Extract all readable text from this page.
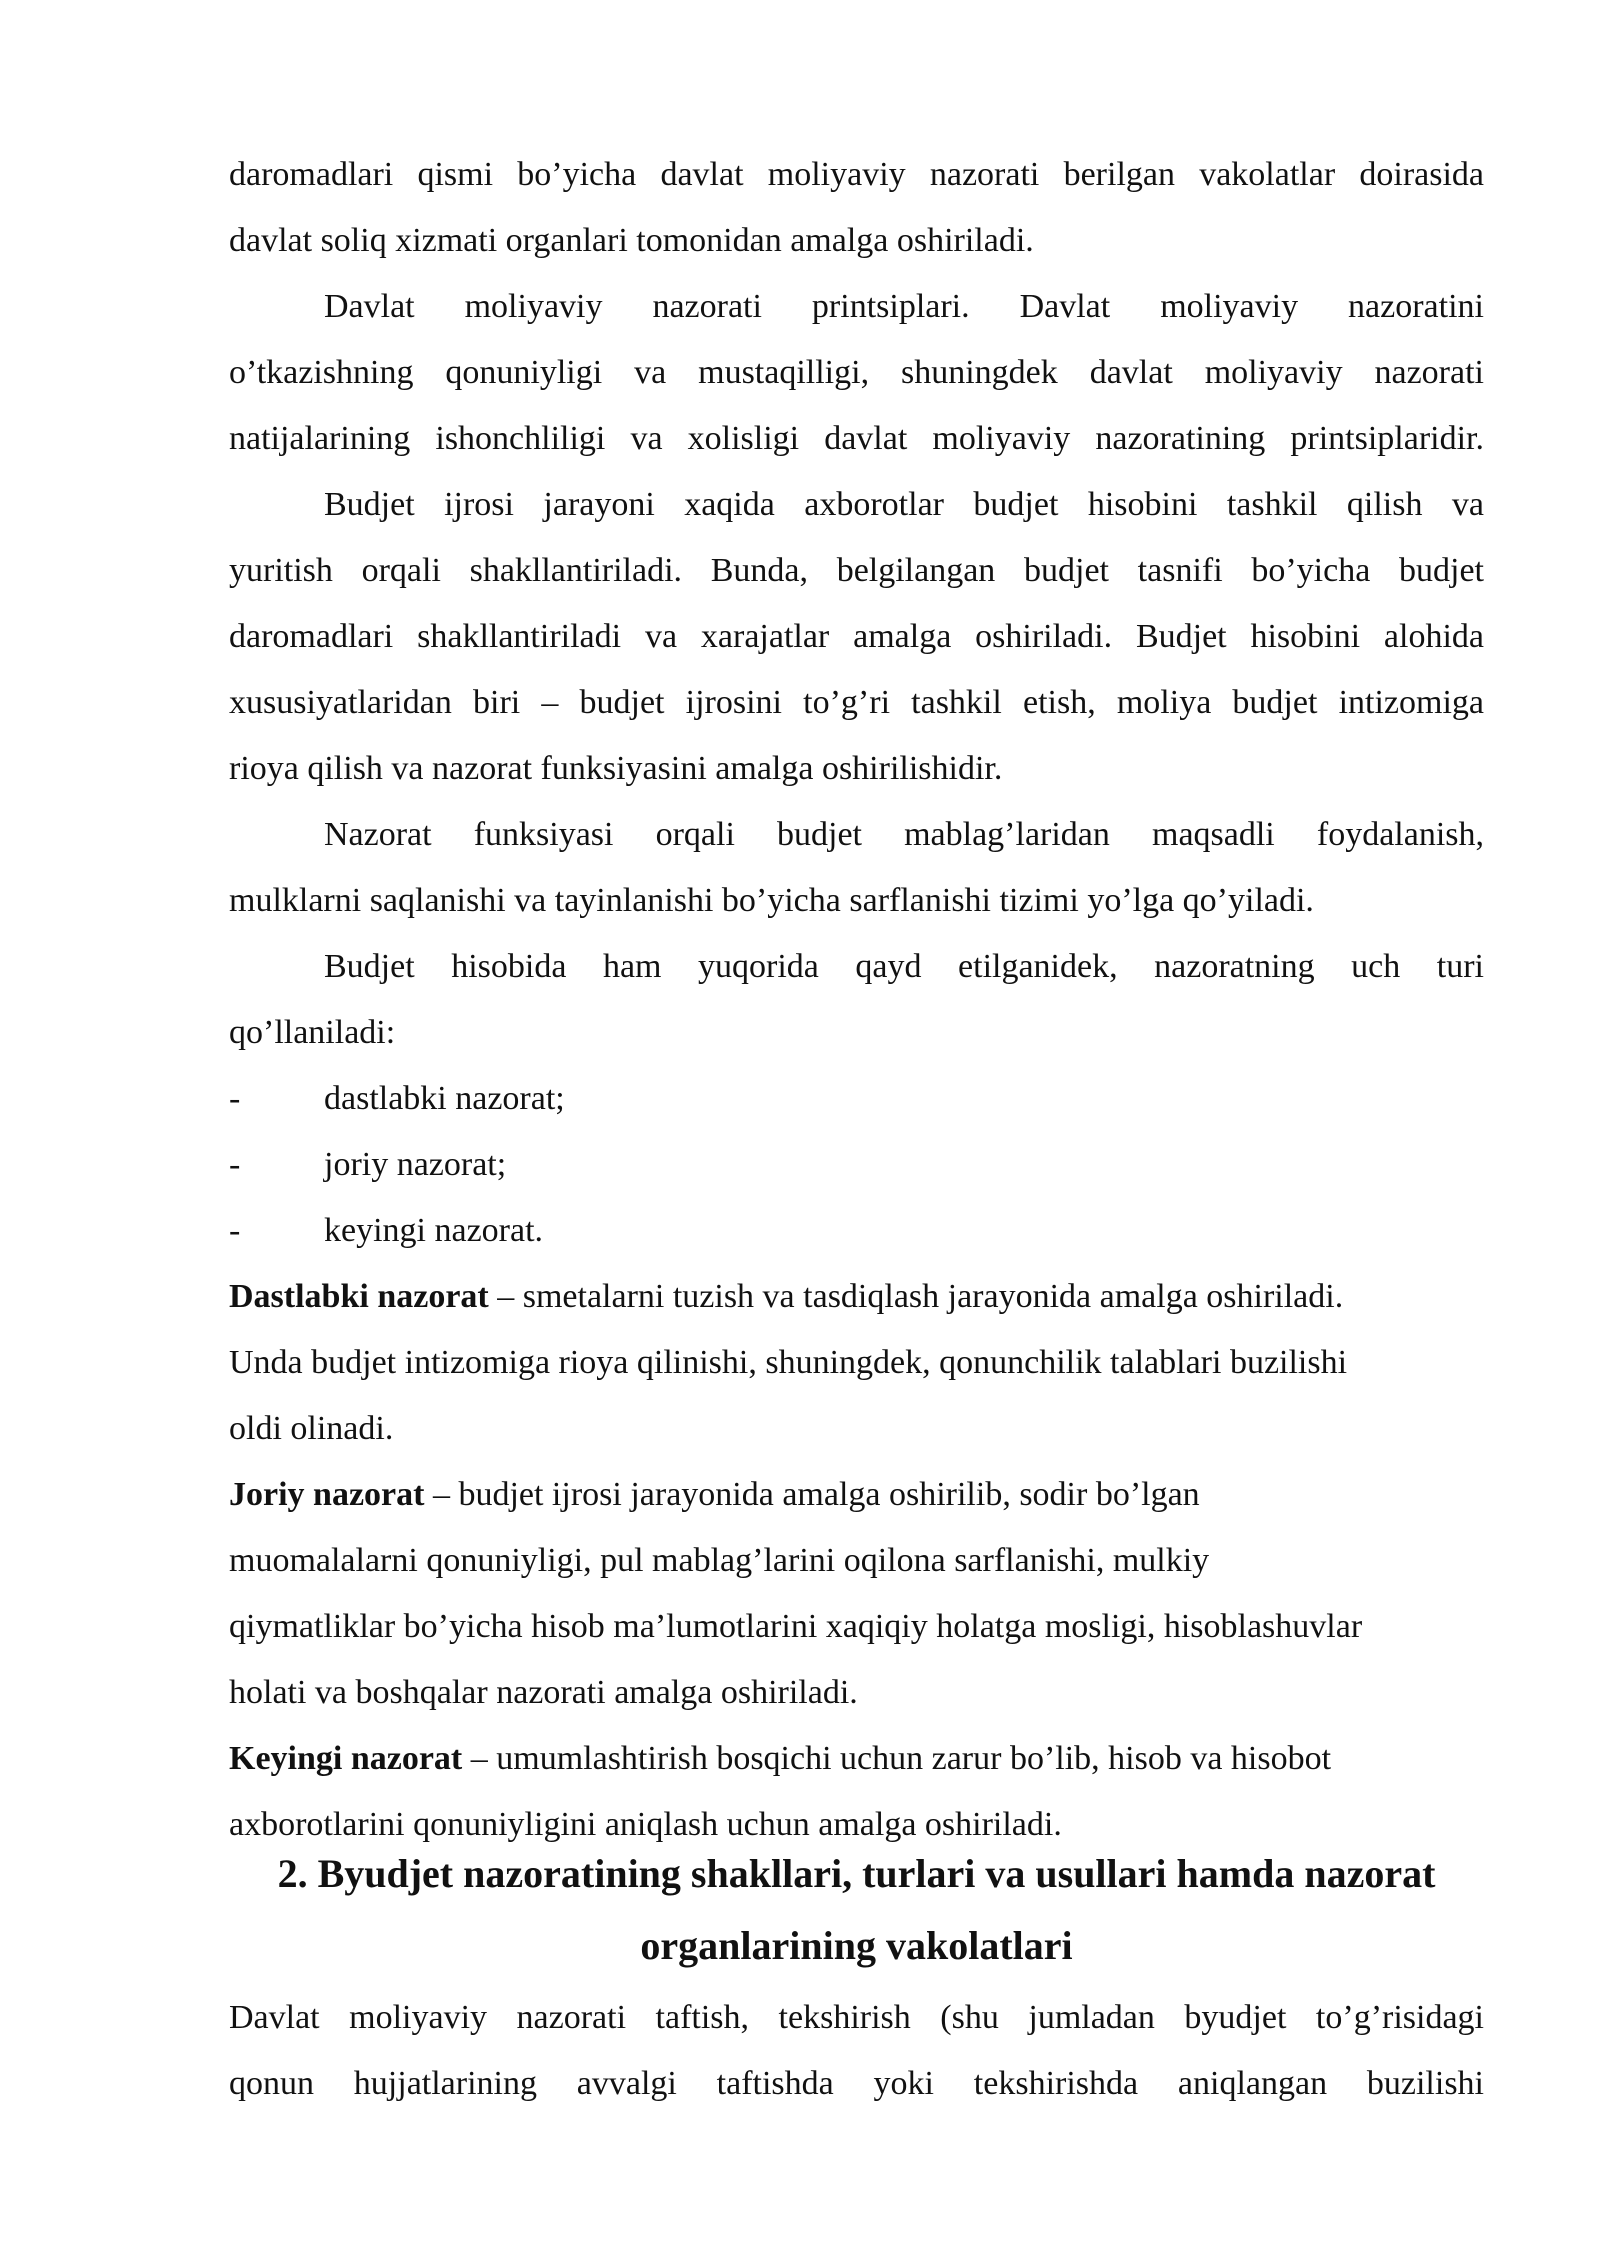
daromadlari qismi bo’yicha davlat moliyaviy nazorati berilgan vakolatlar doirasida
davlat soliq xizmati organlari tomonidan amalga oshiriladi.
Davlat moliyaviy nazorati printsiplari. Davlat moliyaviy nazoratini
o’tkazishning qonuniyligi va mustaqilligi, shuningdek davlat moliyaviy nazorati
natijalarining ishonchliligi va xolisligi davlat moliyaviy nazoratining printsiplaridir.
Budjet ijrosi jarayoni xaqida axborotlar budjet hisobini tashkil qilish va
yuritish orqali shakllantiriladi. Bunda, belgilangan budjet tasnifi bo’yicha budjet
daromadlari shakllantiriladi va xarajatlar amalga oshiriladi. Budjet hisobini alohida
xususiyatlaridan biri – budjet ijrosini to’g’ri tashkil etish, moliya budjet intizomiga
rioya qilish va nazorat funksiyasini amalga oshirilishidir.
Nazorat funksiyasi orqali budjet mablag’laridan maqsadli foydalanish,
mulklarni saqlanishi va tayinlanishi bo’yicha sarflanishi tizimi yo’lga qo’yiladi.
Budjet hisobida ham yuqorida qayd etilganidek, nazoratning uch turi
qo’llaniladi:
- dastlabki nazorat;
- joriy nazorat;
- keyingi nazorat.
Dastlabki nazorat – smetalarni tuzish va tasdiqlash jarayonida amalga oshiriladi.
Unda budjet intizomiga rioya qilinishi, shuningdek, qonunchilik talablari buzilishi
oldi olinadi.
Joriy nazorat – budjet ijrosi jarayonida amalga oshirilib, sodir bo’lgan
muomalalarni qonuniyligi, pul mablag’larini oqilona sarflanishi, mulkiy
qiymatliklar bo’yicha hisob ma’lumotlarini xaqiqiy holatga mosligi, hisoblashuvlar
holati va boshqalar nazorati amalga oshiriladi.
Keyingi nazorat – umumlashtirish bosqichi uchun zarur bo’lib, hisob va hisobot
axborotlarini qonuniyligini aniqlash uchun amalga oshiriladi.
2. Byudjet nazoratining shakllari, turlari va usullari hamda nazorat
organlarining vakolatlari
Davlat moliyaviy nazorati taftish, tekshirish (shu jumladan byudjet to’g’risidagi
qonun hujjatlarining avvalgi taftishda yoki tekshirishda aniqlangan buzilishi
